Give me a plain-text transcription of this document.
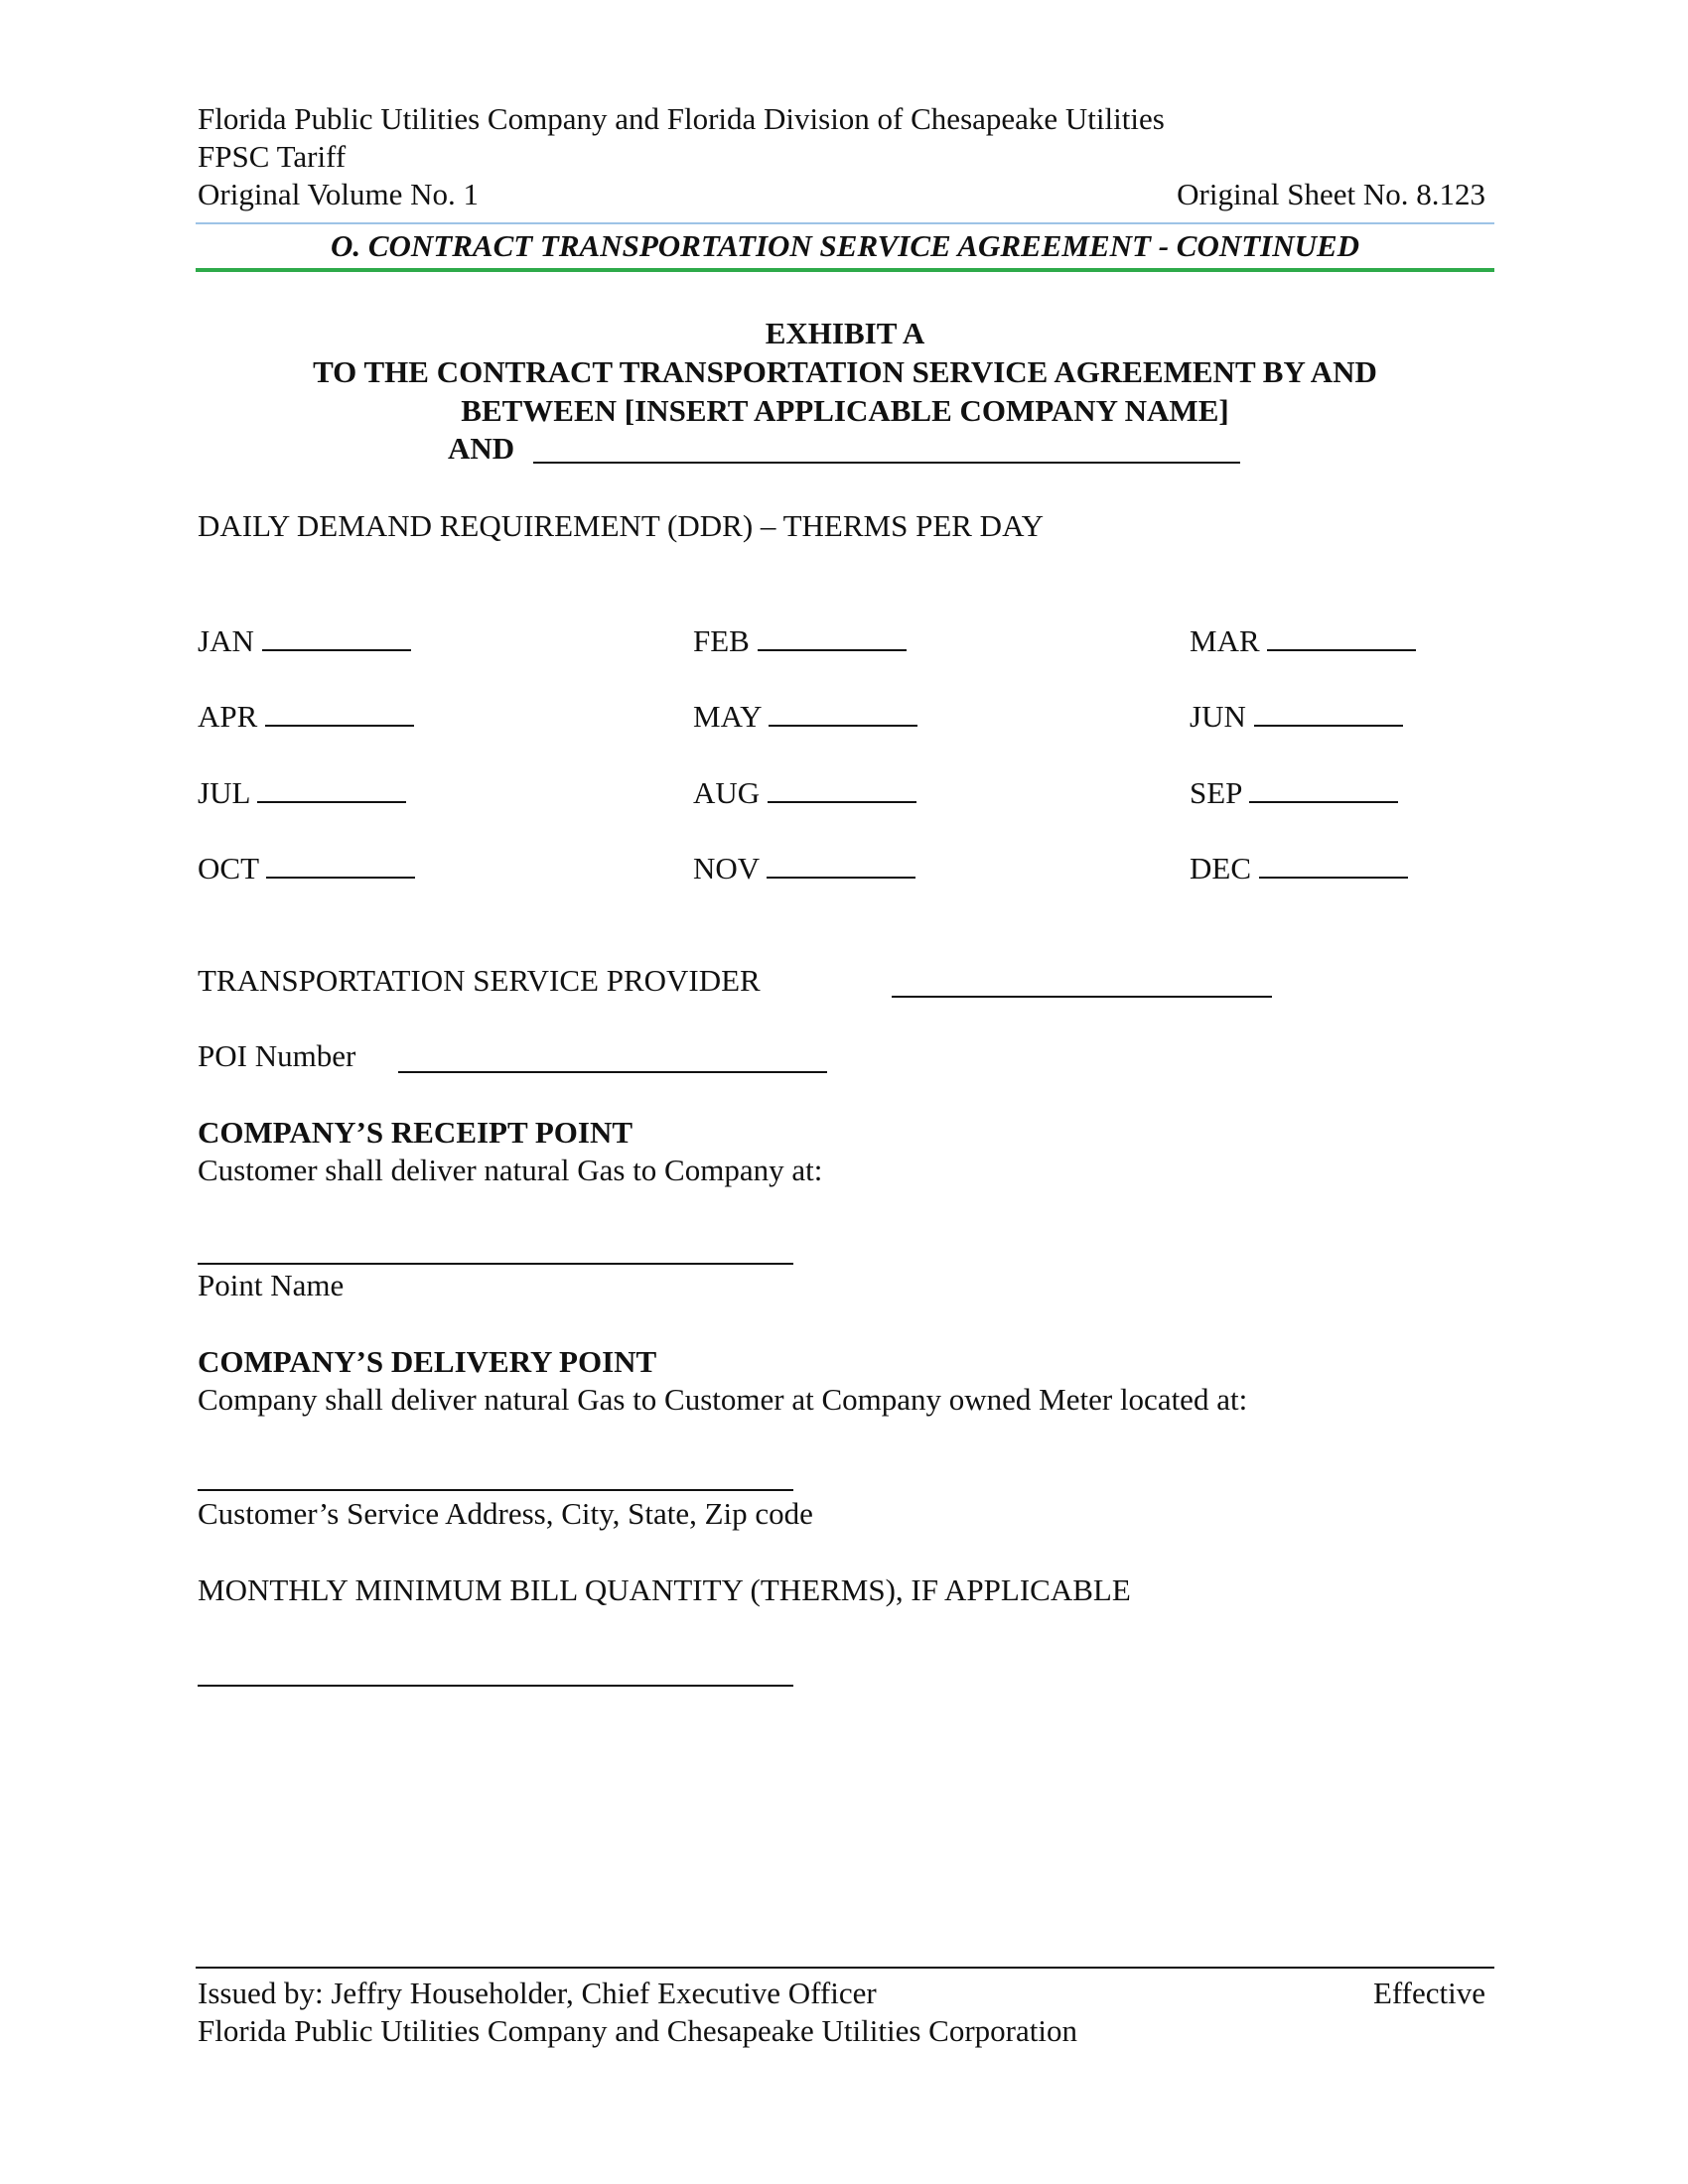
Florida Public Utilities Company and Florida Division of Chesapeake Utilities
FPSC Tariff
Original Volume No. 1	Original Sheet No. 8.123
O. CONTRACT TRANSPORTATION SERVICE AGREEMENT - CONTINUED
EXHIBIT A
TO THE CONTRACT TRANSPORTATION SERVICE AGREEMENT BY AND
BETWEEN [INSERT APPLICABLE COMPANY NAME]
AND
DAILY DEMAND REQUIREMENT (DDR) – THERMS PER DAY
JAN	FEB	MAR
APR	MAY	JUN
JUL	AUG	SEP
OCT	NOV	DEC
TRANSPORTATION SERVICE PROVIDER
POI Number
COMPANY’S RECEIPT POINT
Customer shall deliver natural Gas to Company at:
Point Name
COMPANY’S DELIVERY POINT
Company shall deliver natural Gas to Customer at Company owned Meter located at:
Customer’s Service Address, City, State, Zip code
MONTHLY MINIMUM BILL QUANTITY (THERMS), IF APPLICABLE
Issued by: Jeffry Householder, Chief Executive Officer	Effective
Florida Public Utilities Company and Chesapeake Utilities Corporation
